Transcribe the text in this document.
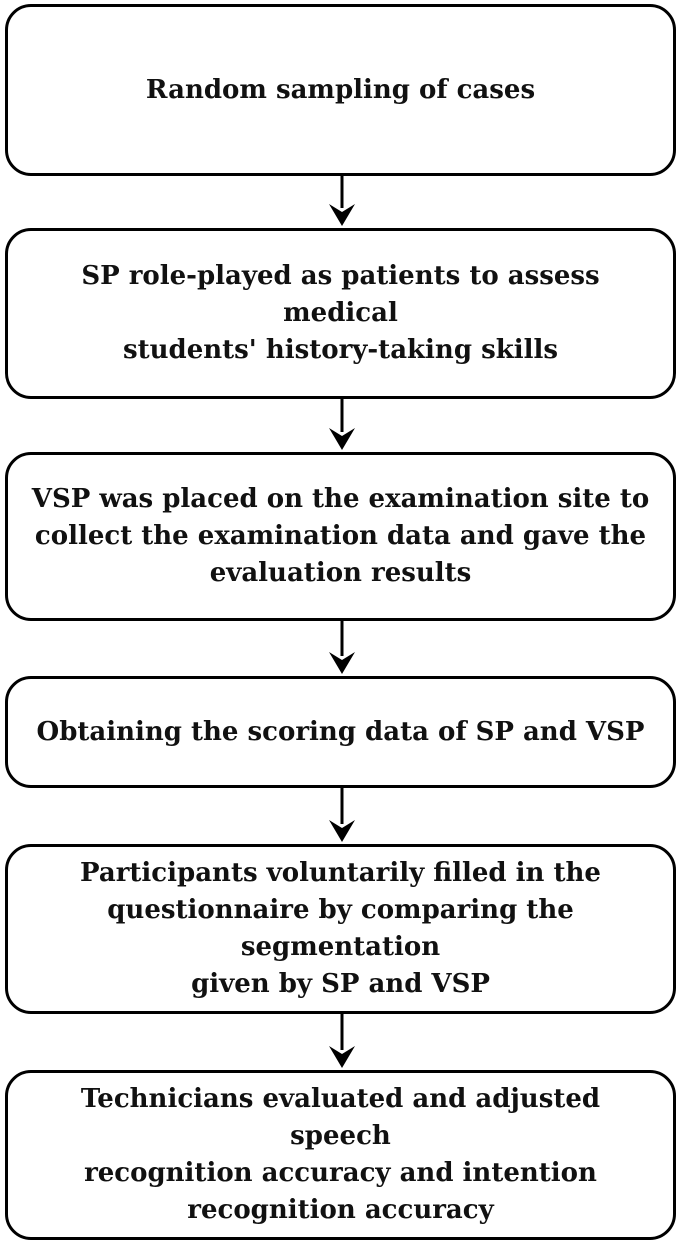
Random sampling of cases
SP role-played as patients to assess medical
students' history-taking skills
VSP was placed on the examination site to
collect the examination data and gave the
evaluation results
Obtaining the scoring data of SP and VSP
Participants voluntarily filled in the
questionnaire by comparing the segmentation
given by SP and VSP
Technicians evaluated and adjusted speech
recognition accuracy and intention
recognition accuracy
